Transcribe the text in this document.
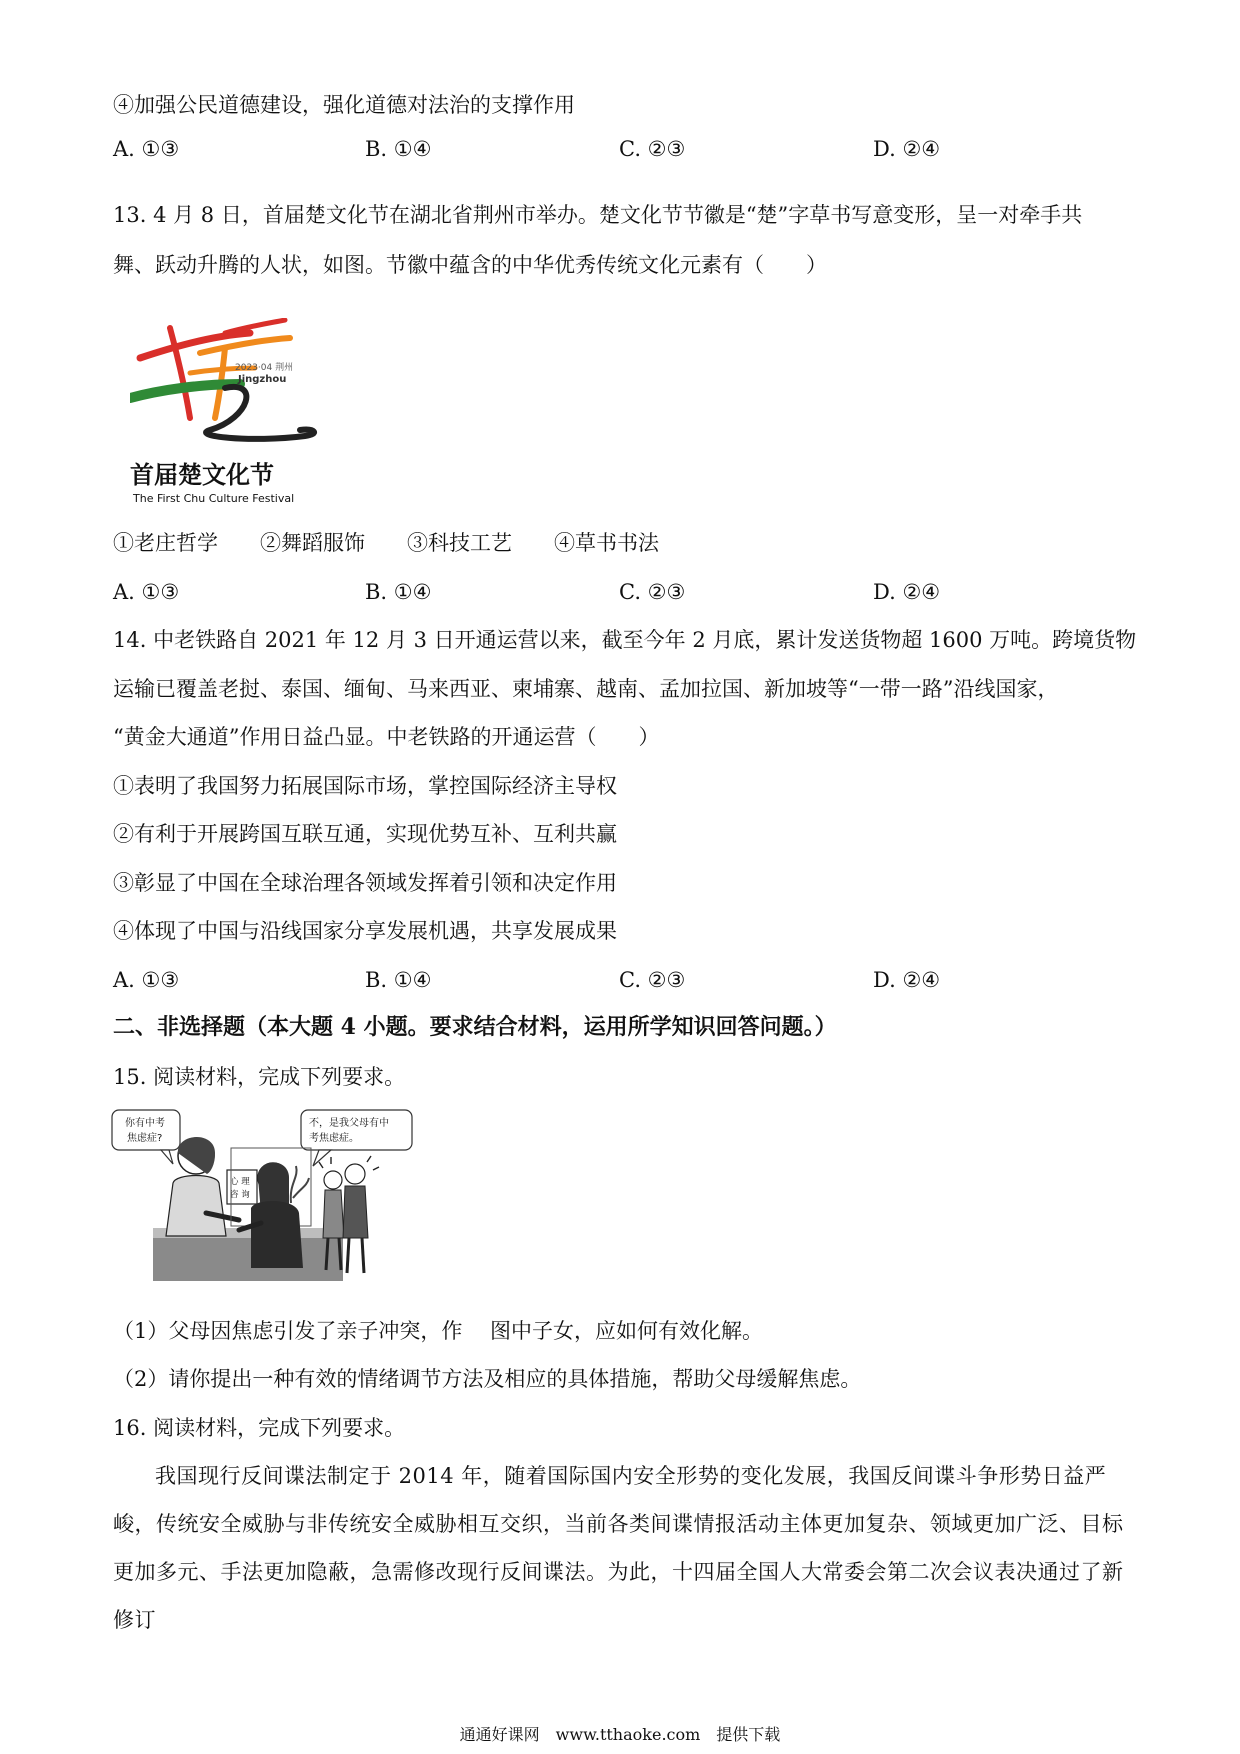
④加强公民道德建设，强化道德对法治的支撑作用
A. ①③	B. ①④	C. ②③	D. ②④
13. 4 月 8 日，首届楚文化节在湖北省荆州市举办。楚文化节节徽是“楚”字草书写意变形，呈一对牵手共
舞、跃动升腾的人状，如图。节徽中蕴含的中华优秀传统文化元素有（　　）
2023·04 荆州
Jingzhou
首届楚文化节
The First Chu Culture Festival
①老庄哲学　　②舞蹈服饰　　③科技工艺　　④草书书法
A. ①③	B. ①④	C. ②③	D. ②④
14. 中老铁路自 2021 年 12 月 3 日开通运营以来，截至今年 2 月底，累计发送货物超 1600 万吨。跨境货物
运输已覆盖老挝、泰国、缅甸、马来西亚、柬埔寨、越南、孟加拉国、新加坡等“一带一路”沿线国家，
“黄金大通道”作用日益凸显。中老铁路的开通运营（　　）
①表明了我国努力拓展国际市场，掌控国际经济主导权
②有利于开展跨国互联互通，实现优势互补、互利共赢
③彰显了中国在全球治理各领域发挥着引领和决定作用
④体现了中国与沿线国家分享发展机遇，共享发展成果
A. ①③	B. ①④	C. ②③	D. ②④
二、非选择题（本大题 4 小题。要求结合材料，运用所学知识回答问题。）
15. 阅读材料，完成下列要求。
你有中考
焦虑症?
不，是我父母有中
考焦虑症。
心 理
咨 询
（1）父母因焦虑引发了亲子冲突，作　 图中子女，应如何有效化解。
（2）请你提出一种有效的情绪调节方法及相应的具体措施，帮助父母缓解焦虑。
16. 阅读材料，完成下列要求。
我国现行反间谍法制定于 2014 年，随着国际国内安全形势的变化发展，我国反间谍斗争形势日益严峻，传统安全威胁与非传统安全威胁相互交织，当前各类间谍情报活动主体更加复杂、领域更加广泛、目标更加多元、手法更加隐蔽，急需修改现行反间谍法。为此，十四届全国人大常委会第二次会议表决通过了新修订
通通好课网　www.tthaoke.com　提供下载
